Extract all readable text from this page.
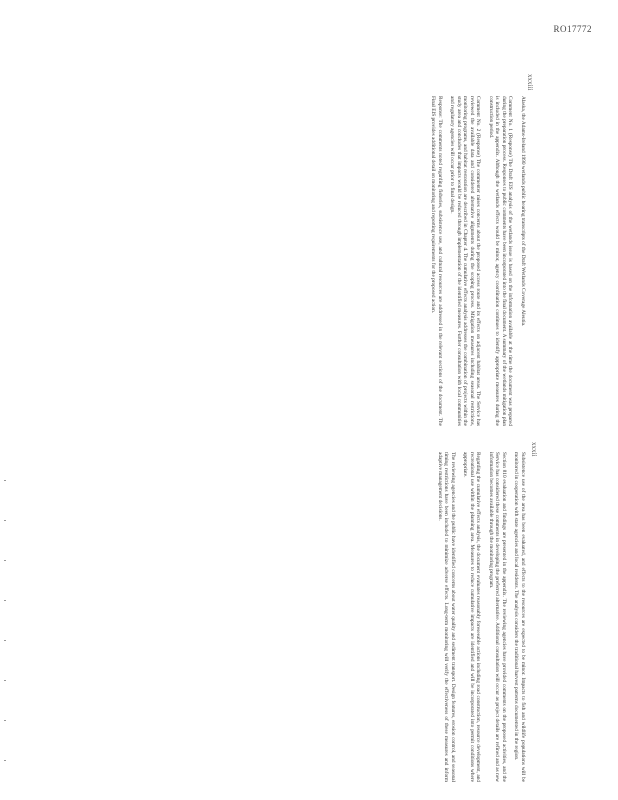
RO17772
xxxiii
xxxii

Alaska, the Adams-Ireland 1990 wetlands public hearing transcripts of the Draft Wetlands Coverage Aleutia.

Comment No. 1 (Response) The Draft EIS analysis of the wetlands issue is based on the information available at the time the document was prepared during the preparation process. Responses to public comments have been incorporated into the final document. A summary of the wetlands mitigation plan is included in the appendix. Although the wetlands effects would be minor, agency coordination continues to identify appropriate measures during the construction period.

Comment No. 2 (Response) The commenter raises concerns about the proposed access route and its effects on adjacent habitat areas. The Service has reviewed the available data and considered alternative alignments during the scoping process. Mitigation measures including seasonal restrictions, monitoring programs, and habitat restoration are described in Chapter 4. The cumulative effects analysis addresses the combination of projects within the study area and concludes that impacts would be reduced through implementation of the identified measures. Further consultation with local communities and regulatory agencies will occur prior to final design.

Response: The comments noted regarding fisheries, subsistence use, and cultural resources are addressed in the relevant sections of the document. The Final EIS provides additional detail on monitoring and reporting requirements for the proposed action.

Subsistence use of the area has been evaluated, and effects to the resources are expected to be minor. Impacts to fish and wildlife populations will be monitored in cooperation with state agencies and local residents. The analysis considers the traditional harvest patterns documented in the region.

Section 810 evaluation and findings are presented in the appendix. The reviewing agencies have provided comments on the proposed activities, and the Service has considered these comments in developing the preferred alternative. Additional consultation will occur as project details are refined and as new information becomes available through the monitoring program.

Regarding the cumulative effects analysis, the document evaluates reasonably foreseeable actions including road construction, resource development, and recreational use within the planning area. Measures to reduce cumulative impacts are identified and will be incorporated into permit conditions where appropriate.

The reviewing agencies and the public have identified concerns about water quality and sediment transport. Design features, erosion control, and seasonal timing restrictions have been included to minimize adverse effects. Long-term monitoring will verify the effectiveness of these measures and inform adaptive management decisions.
